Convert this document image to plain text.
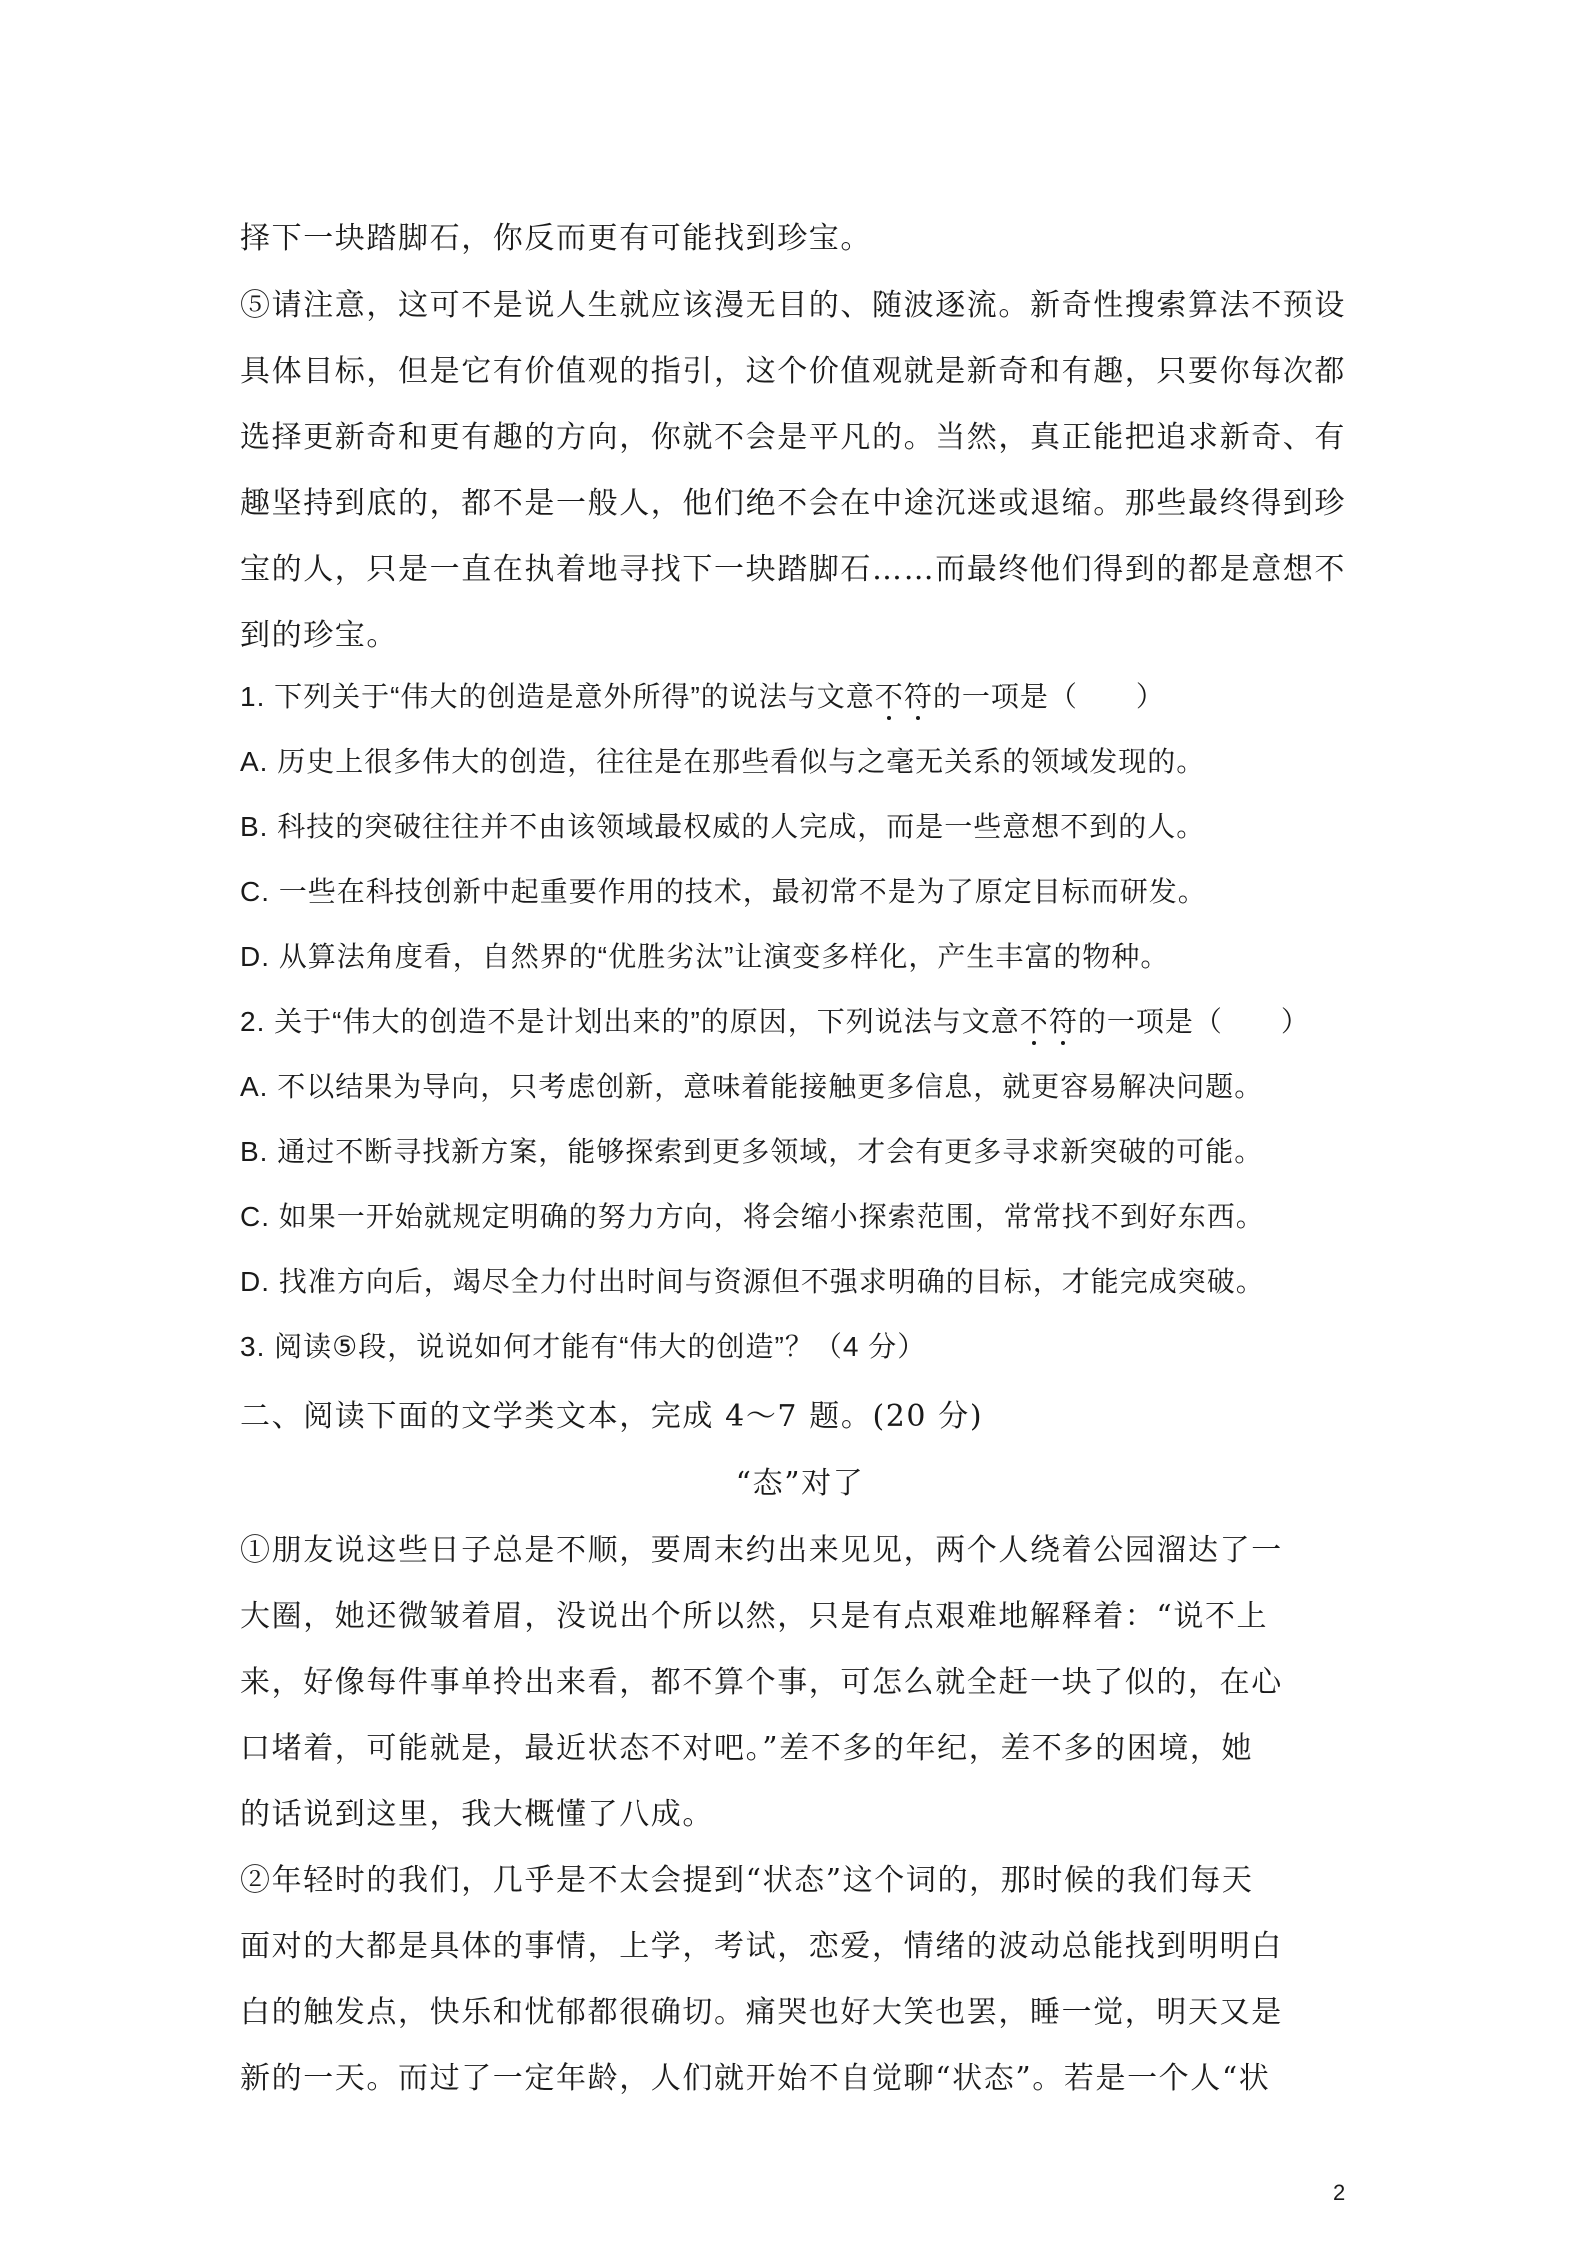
择下一块踏脚石，你反而更有可能找到珍宝。
⑤请注意，这可不是说人生就应该漫无目的、随波逐流。新奇性搜索算法不预设
具体目标，但是它有价值观的指引，这个价值观就是新奇和有趣，只要你每次都
选择更新奇和更有趣的方向，你就不会是平凡的。当然，真正能把追求新奇、有
趣坚持到底的，都不是一般人，他们绝不会在中途沉迷或退缩。那些最终得到珍
宝的人，只是一直在执着地寻找下一块踏脚石……而最终他们得到的都是意想不
到的珍宝。
1. 下列关于“伟大的创造是意外所得”的说法与文意不符的一项是（　　）
A. 历史上很多伟大的创造，往往是在那些看似与之毫无关系的领域发现的。
B. 科技的突破往往并不由该领域最权威的人完成，而是一些意想不到的人。
C. 一些在科技创新中起重要作用的技术，最初常不是为了原定目标而研发。
D. 从算法角度看，自然界的“优胜劣汰”让演变多样化，产生丰富的物种。
2. 关于“伟大的创造不是计划出来的”的原因，下列说法与文意不符的一项是（　　）
A. 不以结果为导向，只考虑创新，意味着能接触更多信息，就更容易解决问题。
B. 通过不断寻找新方案，能够探索到更多领域，才会有更多寻求新突破的可能。
C. 如果一开始就规定明确的努力方向，将会缩小探索范围，常常找不到好东西。
D. 找准方向后，竭尽全力付出时间与资源但不强求明确的目标，才能完成突破。
3. 阅读⑤段，说说如何才能有“伟大的创造”？（4 分）
二、阅读下面的文学类文本，完成 4～7 题。(20 分)
“态”对了
①朋友说这些日子总是不顺，要周末约出来见见，两个人绕着公园溜达了一
大圈，她还微皱着眉，没说出个所以然，只是有点艰难地解释着：“说不上
来，好像每件事单拎出来看，都不算个事，可怎么就全赶一块了似的，在心
口堵着，可能就是，最近状态不对吧。”差不多的年纪，差不多的困境，她
的话说到这里，我大概懂了八成。
②年轻时的我们，几乎是不太会提到“状态”这个词的，那时候的我们每天
面对的大都是具体的事情，上学，考试，恋爱，情绪的波动总能找到明明白
白的触发点，快乐和忧郁都很确切。痛哭也好大笑也罢，睡一觉，明天又是
新的一天。而过了一定年龄，人们就开始不自觉聊“状态”。若是一个人“状
2
